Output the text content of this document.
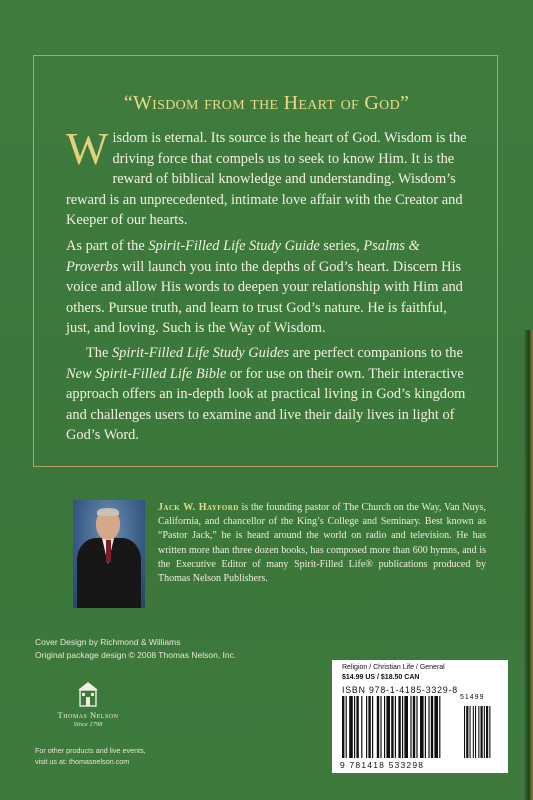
“Wisdom from the Heart of God”
Wisdom is eternal. Its source is the heart of God. Wisdom is the driving force that compels us to seek to know Him. It is the reward of biblical knowledge and understanding. Wisdom’s reward is an unprecedented, intimate love affair with the Creator and Keeper of our hearts.
As part of the Spirit-Filled Life Study Guide series, Psalms & Proverbs will launch you into the depths of God’s heart. Discern His voice and allow His words to deepen your relationship with Him and others. Pursue truth, and learn to trust God’s nature. He is faithful, just, and loving. Such is the Way of Wisdom.
The Spirit-Filled Life Study Guides are perfect companions to the New Spirit-Filled Life Bible or for use on their own. Their interactive approach offers an in-depth look at practical living in God’s kingdom and challenges users to examine and live their daily lives in light of God’s Word.
Jack W. Hayford is the founding pastor of The Church on the Way, Van Nuys, California, and chancellor of the King’s College and Seminary. Best known as “Pastor Jack,” he is heard around the world on radio and television. He has written more than three dozen books, has composed more than 600 hymns, and is the Executive Editor of many Spirit-Filled Life® publications produced by Thomas Nelson Publishers.
Cover Design by Richmond & Williams
Original package design © 2008 Thomas Nelson, Inc.
Thomas Nelson
Since 1798
For other products and live events,
visit us at: thomasnelson.com
Religion / Christian Life / General
$14.99 US / $18.50 CAN
ISBN 978-1-4185-3329-8
51499
9 781418 533298
